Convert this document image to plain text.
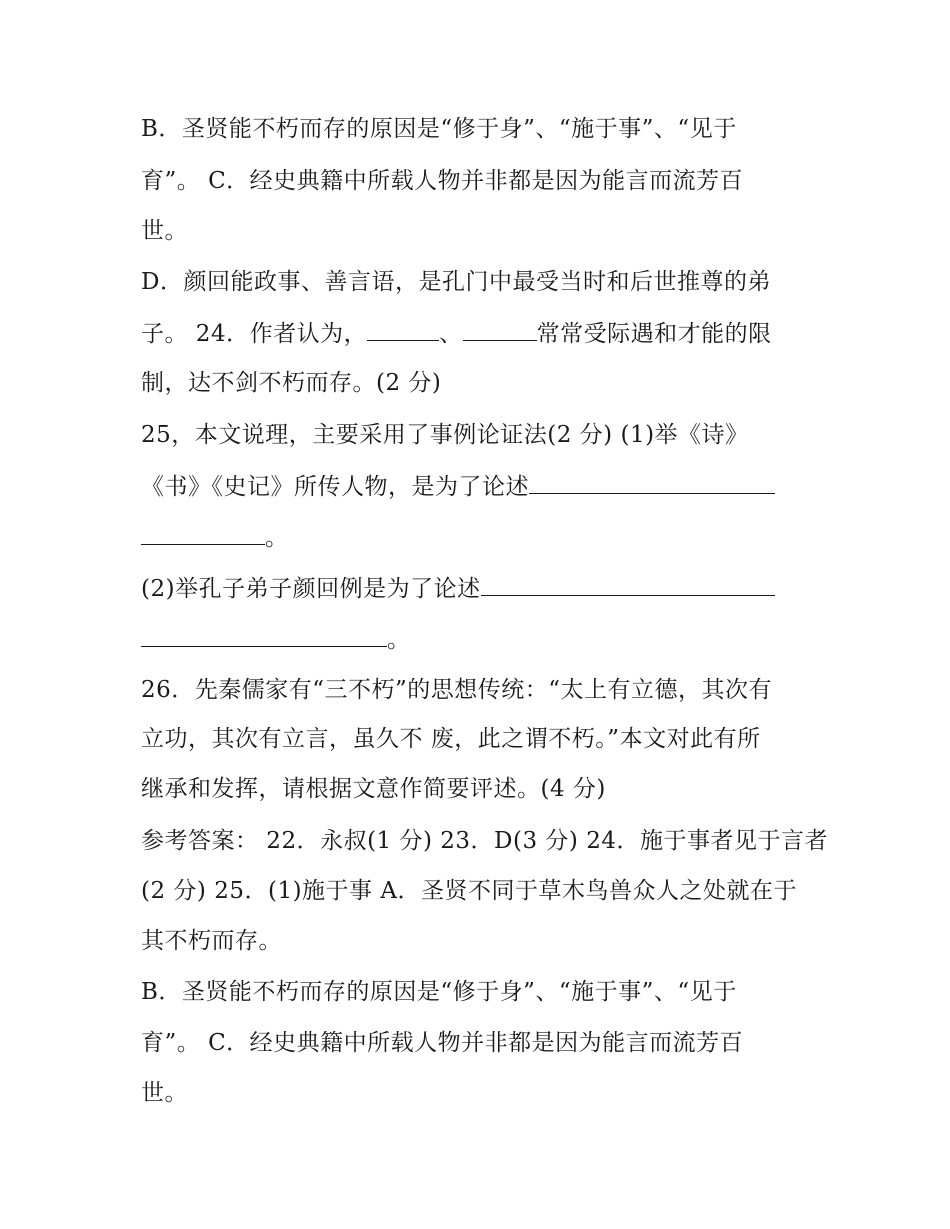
B．圣贤能不朽而存的原因是“修于身”、“施于事”、“见于
育”。 C．经史典籍中所载人物并非都是因为能言而流芳百
世。
D．颜回能政事、善言语，是孔门中最受当时和后世推尊的弟
子。 24．作者认为，	、	常常受际遇和才能的限
制，达不剑不朽而存。(2 分)
25，本文说理，主要采用了事例论证法(2 分) (1)举《诗》
《书》《史记》所传人物，是为了论述
。
(2)举孔子弟子颜回例是为了论述
。
26．先秦儒家有“三不朽”的思想传统：“太上有立德，其次有
立功，其次有立言，虽久不 废，此之谓不朽。”本文对此有所
继承和发挥，请根据文意作简要评述。(4 分)
参考答案： 22．永叔(1 分) 23．D(3 分) 24．施于事者见于言者
(2 分) 25．(1)施于事 A．圣贤不同于草木鸟兽众人之处就在于
其不朽而存。
B．圣贤能不朽而存的原因是“修于身”、“施于事”、“见于
育”。 C．经史典籍中所载人物并非都是因为能言而流芳百
世。
